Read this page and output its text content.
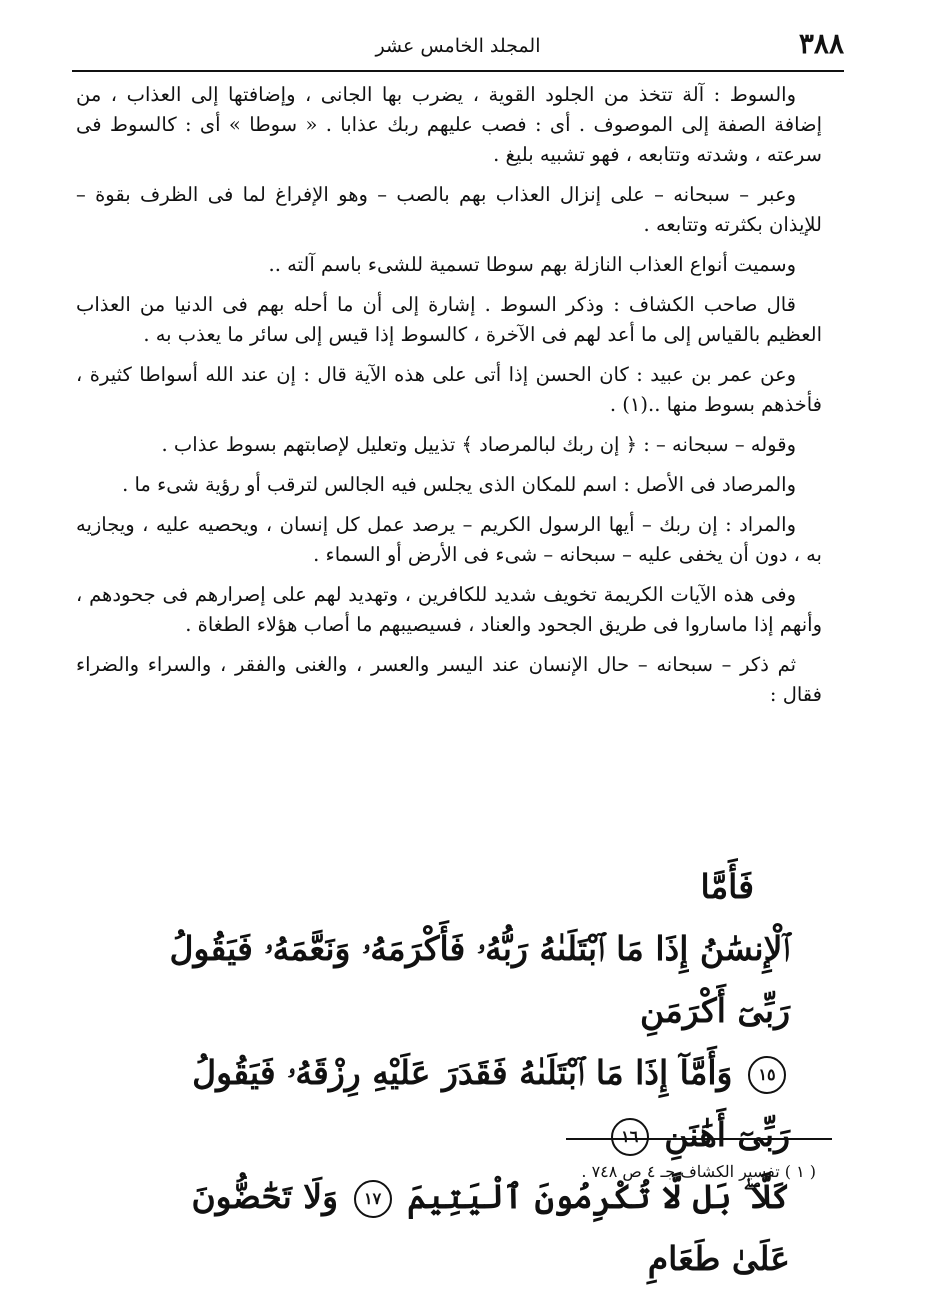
٣٨٨
المجلد الخامس عشر

والسوط : آلة تتخذ من الجلود القوية ، يضرب بها الجانى ، وإضافتها إلى العذاب ، من إضافة الصفة إلى الموصوف . أى : فصب عليهم ربك عذابا . « سوطا » أى : كالسوط فى سرعته ، وشدته وتتابعه ، فهو تشبيه بليغ .

وعبر – سبحانه – على إنزال العذاب بهم بالصب – وهو الإفراغ لما فى الظرف بقوة – للإيذان بكثرته وتتابعه .

وسميت أنواع العذاب النازلة بهم سوطا تسمية للشىء باسم آلته ..

قال صاحب الكشاف : وذكر السوط . إشارة إلى أن ما أحله بهم فى الدنيا من العذاب العظيم بالقياس إلى ما أعد لهم فى الآخرة ، كالسوط إذا قيس إلى سائر ما يعذب به .

وعن عمر بن عبيد : كان الحسن إذا أتى على هذه الآية قال : إن عند الله أسواطا كثيرة ، فأخذهم بسوط منها ..(١) .

وقوله – سبحانه – : ﴿ إن ربك لبالمرصاد ﴾ تذييل وتعليل لإصابتهم بسوط عذاب .

والمرصاد فى الأصل : اسم للمكان الذى يجلس فيه الجالس لترقب أو رؤية شىء ما .

والمراد : إن ربك – أيها الرسول الكريم – يرصد عمل كل إنسان ، ويحصيه عليه ، ويجازيه به ، دون أن يخفى عليه – سبحانه – شىء فى الأرض أو السماء .

وفى هذه الآيات الكريمة تخويف شديد للكافرين ، وتهديد لهم على إصرارهم فى جحودهم ، وأنهم إذا ماساروا فى طريق الجحود والعناد ، فسيصيبهم ما أصاب هؤلاء الطغاة .

ثم ذكر – سبحانه – حال الإنسان عند اليسر والعسر ، والغنى والفقر ، والسراء والضراء فقال :

فَأَمَّا
ٱلْإِنسَٰنُ إِذَا مَا ٱبْتَلَىٰهُ رَبُّهُۥ فَأَكْرَمَهُۥ وَنَعَّمَهُۥ فَيَقُولُ رَبِّىٓ أَكْرَمَنِ
١٥ وَأَمَّآ إِذَا مَا ٱبْتَلَىٰهُ فَقَدَرَ عَلَيْهِ رِزْقَهُۥ فَيَقُولُ رَبِّىٓ أَهَٰنَنِ ١٦
كَلَّا ۖ بَل لَّا تُكْرِمُونَ ٱلْيَتِيمَ ١٧ وَلَا تَحَٰٓضُّونَ عَلَىٰ طَعَامِ
( ١ ) تفسير الكشاف جـ ٤ ص ٧٤٨ .
